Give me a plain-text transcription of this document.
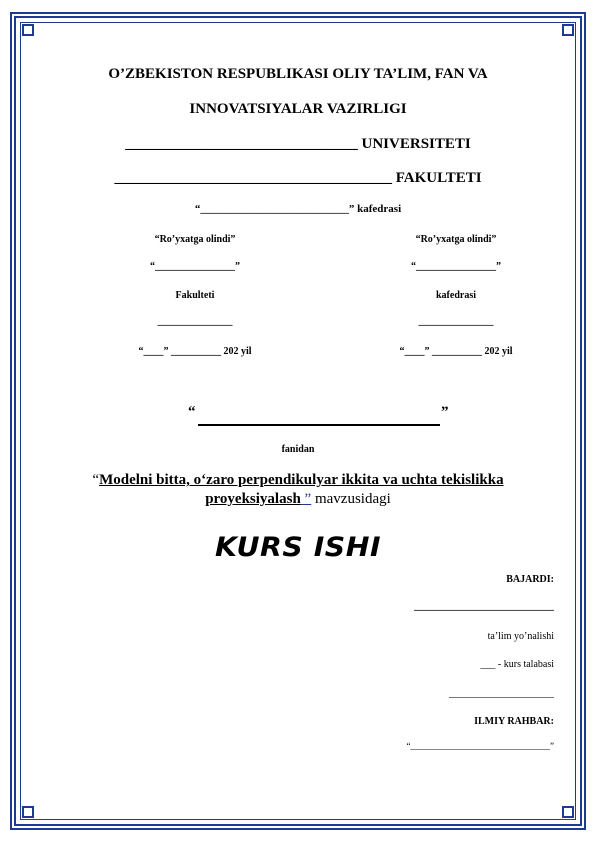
O’ZBEKISTON RESPUBLIKASI OLIY TA’LIM, FAN VA
INNOVATSIYALAR VAZIRLIGI
_______________________________ UNIVERSITETI
_____________________________________ FAKULTETI
“___________________________” kafedrasi
“Ro’yxatga olindi”
“________________”
Fakulteti
_______________
“____” __________ 202 yil
“Ro’yxatga olindi”
“________________”
kafedrasi
_______________
“____” __________ 202 yil
“	”
fanidan
“Modelni bitta, o‘zaro perpendikulyar ikkita va uchta tekislikka
proyeksiyalash ” mavzusidagi
KURS ISHI
BAJARDI:
____________________________
ta’lim yo’nalishi
___ - kurs talabasi
_____________________
ILMIY RAHBAR:
“_______________________________”
